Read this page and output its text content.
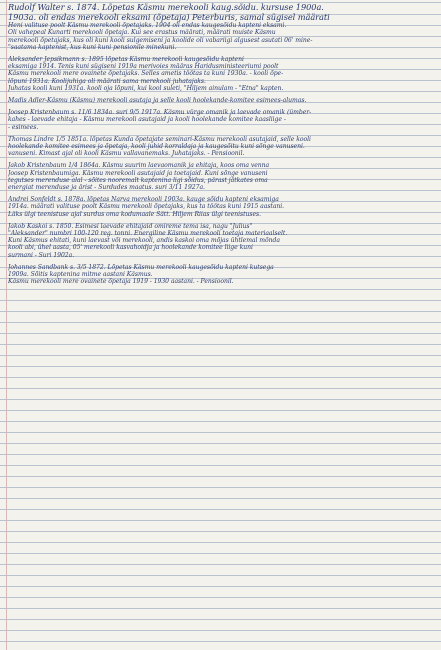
Rudolf Walter s. 1874. Lõpetas Käsmu merekooli kaug.sõidu. kursuse 1900a.
1903a. oli endas merekooli eksami (õpetaja) Peterburis, samal sügisel määrati
Heni valituse poolt Käsmu merekooli õpetajaks. 1904 oli endas kaugesõidu kapteni eksami.
Oli vahepeal Kunarti merekooli õpetaja. Kui see erastus määrati, määrati muiste Käsmu
merekooli õpetajaks, kus oli kuni kooli sulgemiseni ja koolide oli vabariigi algusest asutati 06' mine-
"saatama kaptenist, kus kuni kuni pensionile minekuni.
Aleksander Jepsikmann s. 1895 lõpetas Käsmu merekooli kaugesõidu kapteni
eksamiga 1914. Tenis kuni sügiseni 1919a merivoies määras Haridusministeeriumi poolt
Käsmu merekooli mere ovainete õpetajaks. Selles ametis töötas ta kuni 1930a. - kooli õpe-
lõpuni 1931a. Koolijuhiga oli määrati sama merekooli juhatajaks.
Juhatas kooli kuni 1931a. kooli oja lõpuni, kui kool suleti, "Hiljem ainulam - "Etna" kapten.
Madis Adler-Käsmu (Käsmu) merekooli asutaja ja selle kooli hoolekande-komitee esimees-alumas.
Joosep Kristenbaum s. 11/6 1834a. suri 9/5 1917a. Käsmu vürge omanik ja laevade omanik (ümber-
kahes - laevade ehitaja - Käsmu merekooli asutajaid ja kooli hoolekande komitee kaasliige -
- esimees.
Thomas Lindre 1/5 1851a. lõpetas Kunda õpetajate seminari-Käsmu merekooli asutajaid, selle kooli
hoolekande komitee esimees ja õpetaja, kooli juhid korraldaja ja kaugesõitu kuni sõnge vanuseni.
vanuseni. Kimast ajal oli kooli Käsmu vallavanemaks. Juhatajaks. - Pensioonil.
Jakob Kristenbaum 1/4 1864a. Käsmu suurim laevaomanik ja ehitaja, koos oma venna
Joosep Kristenbaumiga. Käsmu merekooli asutajaid ja toetajaid. Kuni sõnge vanuseni
tegutses merenduse alal - sõites nooremalt kaptenina ligi sõidus, pärast jätkates oma
energiat merenduse ja ärist - Surdudes maatus. suri 3/11 1927a.
Andrei Sonfeldt s. 1878a. lõpetas Narva merekooli 1903a. kauge sõidu kapteni eksamiga
1914a. määrati valituse poolt Käsmu merekooli õpetajaks, kus ta töötas kuni 1915 aastani.
Läks ülgi teenistuse ajal surdus oma kodumaale Sätt. Hiljem Riias ülgi teenistuses.
Jakob Kaskoi s. 1850. Esimesi laevade ehitajaid omireme tema isa, nagu "Julius"
"Aleksander" numbri 100-120 reg. tonni. Energiline Käsmu merekooli toetaja materiaalselt.
Kuni Käsmus ehitati, kuni laevast või merekooli, andis kaskoi oma mõjas ühtlemal mõnda
kooli abi, ühel aasta, 05' merekooli kasvahoidja ja hoolekande komitee liige kuni
surmani - Suri 1902a.
Johannes Sandbank s. 3/5 1872. Lõpetas Käsmu merekooli kaugesõidu kapteni kutsega
1909a. Sõitis kaptenina mitme aastani Käsmus.
Käsmu merekooli mere ovainete õpetaja 1919 - 1930 aastani. - Pensioonil.
